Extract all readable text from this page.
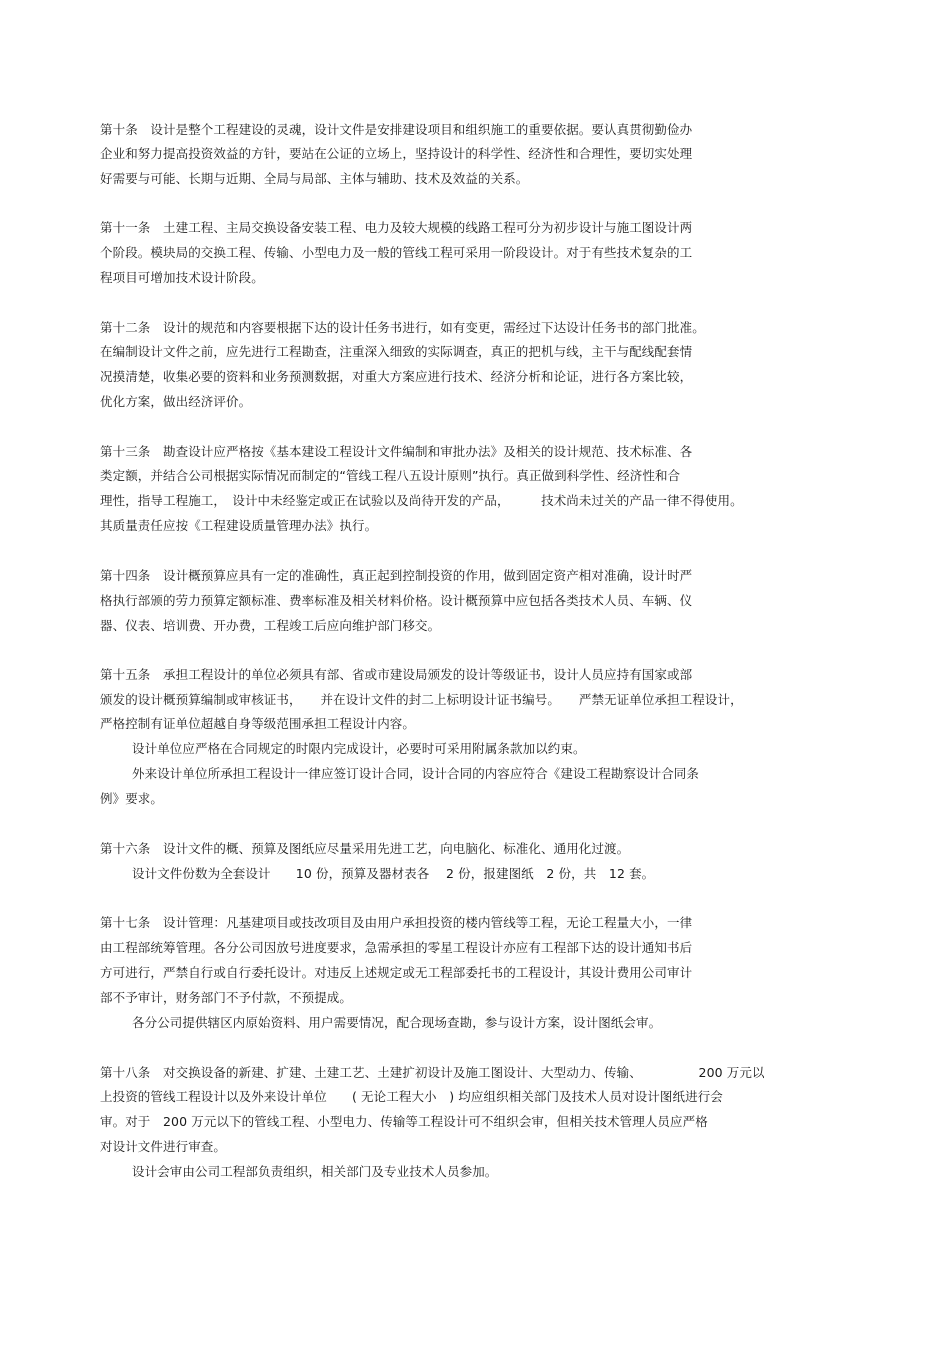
第十条　设计是整个工程建设的灵魂，设计文件是安排建设项目和组织施工的重要依据。要认真贯彻勤俭办
企业和努力提高投资效益的方针，要站在公证的立场上，坚持设计的科学性、经济性和合理性，要切实处理
好需要与可能、长期与近期、全局与局部、主体与辅助、技术及效益的关系。
第十一条　土建工程、主局交换设备安装工程、电力及较大规模的线路工程可分为初步设计与施工图设计两
个阶段。模块局的交换工程、传输、小型电力及一般的管线工程可采用一阶段设计。对于有些技术复杂的工
程项目可增加技术设计阶段。
第十二条　设计的规范和内容要根据下达的设计任务书进行，如有变更，需经过下达设计任务书的部门批准。
在编制设计文件之前，应先进行工程勘查，注重深入细致的实际调查，真正的把机与线，主干与配线配套情
况摸清楚，收集必要的资料和业务预测数据，对重大方案应进行技术、经济分析和论证，进行各方案比较，
优化方案，做出经济评价。
第十三条　勘查设计应严格按《基本建设工程设计文件编制和审批办法》及相关的设计规范、技术标准、各
类定额，并结合公司根据实际情况而制定的“管线工程八五设计原则”执行。真正做到科学性、经济性和合
理性，指导工程施工，　设计中未经鉴定或正在试验以及尚待开发的产品，　　　技术尚未过关的产品一律不得使用。
其质量责任应按《工程建设质量管理办法》执行。
第十四条　设计概预算应具有一定的准确性，真正起到控制投资的作用，做到固定资产相对准确，设计时严
格执行部颁的劳力预算定额标准、费率标准及相关材料价格。设计概预算中应包括各类技术人员、车辆、仪
器、仪表、培训费、开办费，工程竣工后应向维护部门移交。
第十五条　承担工程设计的单位必须具有部、省或市建设局颁发的设计等级证书，设计人员应持有国家或部
颁发的设计概预算编制或审核证书，　　并在设计文件的封二上标明设计证书编号。　　严禁无证单位承担工程设计，
严格控制有证单位超越自身等级范围承担工程设计内容。
设计单位应严格在合同规定的时限内完成设计，必要时可采用附属条款加以约束。
外来设计单位所承担工程设计一律应签订设计合同，设计合同的内容应符合《建设工程勘察设计合同条
例》要求。
第十六条　设计文件的概、预算及图纸应尽量采用先进工艺，向电脑化、标准化、通用化过渡。
设计文件份数为全套设计　　10 份，预算及器材表各　 2 份，报建图纸　2 份，共　12 套。
第十七条　设计管理：凡基建项目或技改项目及由用户承担投资的楼内管线等工程，无论工程量大小，一律
由工程部统筹管理。各分公司因放号进度要求，急需承担的零星工程设计亦应有工程部下达的设计通知书后
方可进行，严禁自行或自行委托设计。对违反上述规定或无工程部委托书的工程设计，其设计费用公司审计
部不予审计，财务部门不予付款，不预提成。
各分公司提供辖区内原始资料、用户需要情况，配合现场查勘，参与设计方案，设计图纸会审。
第十八条　对交换设备的新建、扩建、土建工艺、土建扩初设计及施工图设计、大型动力、传输、　　　　　200 万元以
上投资的管线工程设计以及外来设计单位　　( 无论工程大小　) 均应组织相关部门及技术人员对设计图纸进行会
审。对于　200 万元以下的管线工程、小型电力、传输等工程设计可不组织会审，但相关技术管理人员应严格
对设计文件进行审查。
设计会审由公司工程部负责组织，相关部门及专业技术人员参加。
